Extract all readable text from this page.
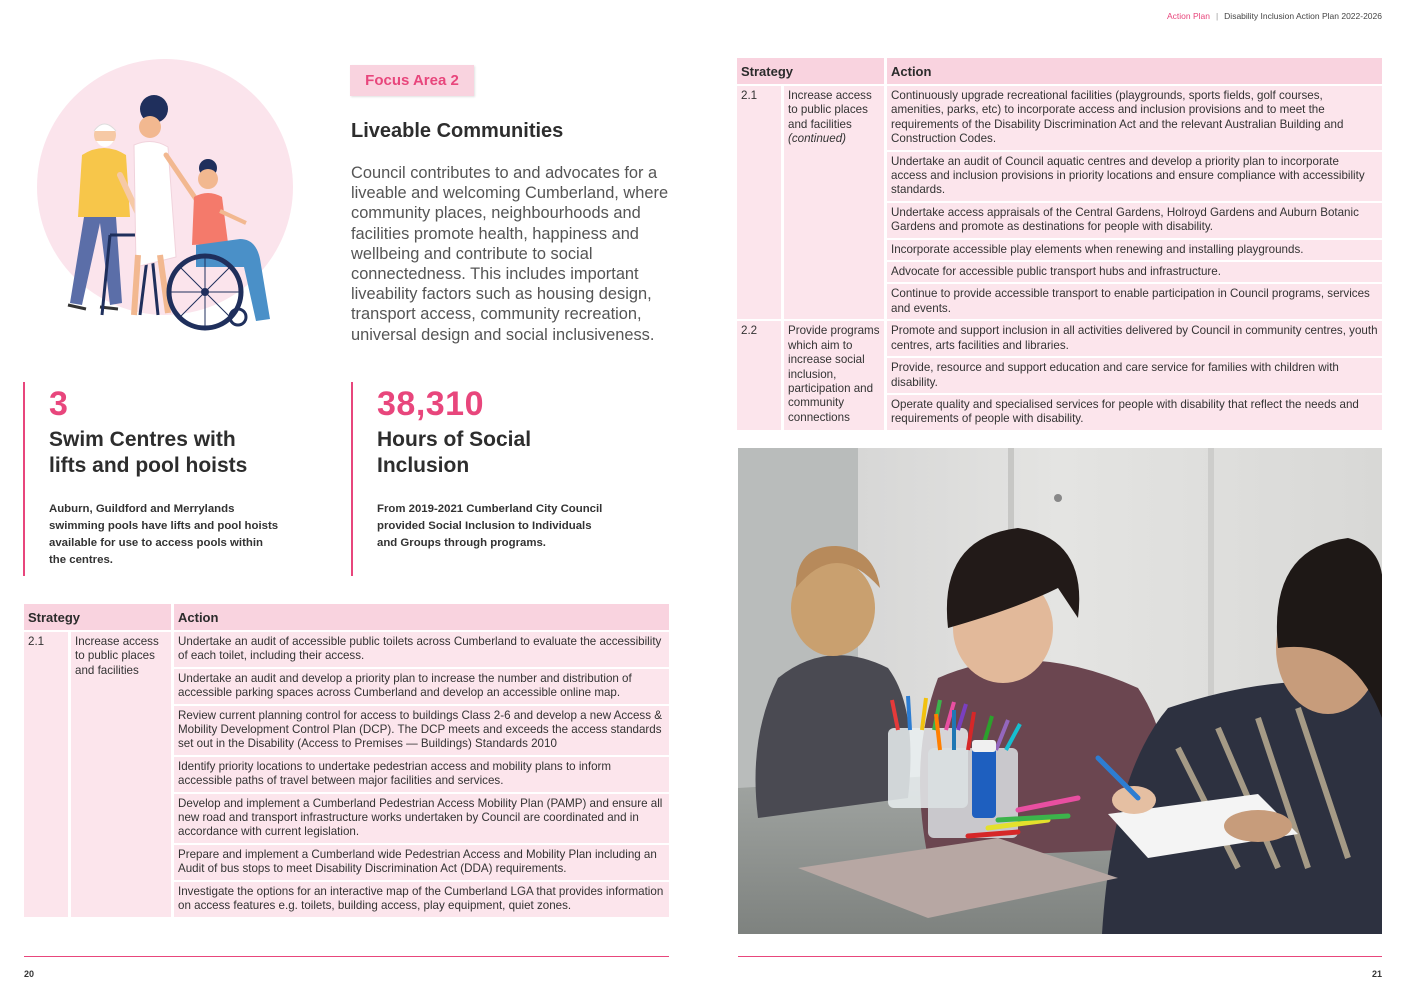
Action Plan | Disability Inclusion Action Plan 2022-2026
Focus Area 2
Liveable Communities

Council contributes to and advocates for a liveable and welcoming Cumberland, where community places, neighbourhoods and facilities promote health, happiness and wellbeing and contribute to social connectedness. This includes important liveability factors such as housing design, transport access, community recreation, universal design and social inclusiveness.

3
Swim Centres with lifts and pool hoists
Auburn, Guildford and Merrylands swimming pools have lifts and pool hoists available for use to access pools within the centres.
38,310
Hours of Social Inclusion
From 2019-2021 Cumberland City Council provided Social Inclusion to Individuals and Groups through programs.
Strategy		Action
2.1	Increase access to public places and facilities	Undertake an audit of accessible public toilets across Cumberland to evaluate the accessibility of each toilet, including their access.
		Undertake an audit and develop a priority plan to increase the number and distribution of accessible parking spaces across Cumberland and develop an accessible online map.
		Review current planning control for access to buildings Class 2-6 and develop a new Access & Mobility Development Control Plan (DCP). The DCP meets and exceeds the access standards set out in the Disability (Access to Premises — Buildings) Standards 2010
		Identify priority locations to undertake pedestrian access and mobility plans to inform accessible paths of travel between major facilities and services.
		Develop and implement a Cumberland Pedestrian Access Mobility Plan (PAMP) and ensure all new road and transport infrastructure works undertaken by Council are coordinated and in accordance with current legislation.
		Prepare and implement a Cumberland wide Pedestrian Access and Mobility Plan including an Audit of bus stops to meet Disability Discrimination Act (DDA) requirements.
		Investigate the options for an interactive map of the Cumberland LGA that provides information on access features e.g. toilets, building access, play equipment, quiet zones.
Strategy		Action
2.1	Increase access to public places and facilities (continued)	Continuously upgrade recreational facilities (playgrounds, sports fields, golf courses, amenities, parks, etc) to incorporate access and inclusion provisions and to meet the requirements of the Disability Discrimination Act and the relevant Australian Building and Construction Codes.
		Undertake an audit of Council aquatic centres and develop a priority plan to incorporate access and inclusion provisions in priority locations and ensure compliance with accessibility standards.
		Undertake access appraisals of the Central Gardens, Holroyd Gardens and Auburn Botanic Gardens and promote as destinations for people with disability.
		Incorporate accessible play elements when renewing and installing playgrounds.
		Advocate for accessible public transport hubs and infrastructure.
		Continue to provide accessible transport to enable participation in Council programs, services and events.
2.2	Provide programs which aim to increase social inclusion, participation and community connections	Promote and support inclusion in all activities delivered by Council in community centres, youth centres, arts facilities and libraries.
		Provide, resource and support education and care service for families with children with disability.
		Operate quality and specialised services for people with disability that reflect the needs and requirements of people with disability.
20	21
